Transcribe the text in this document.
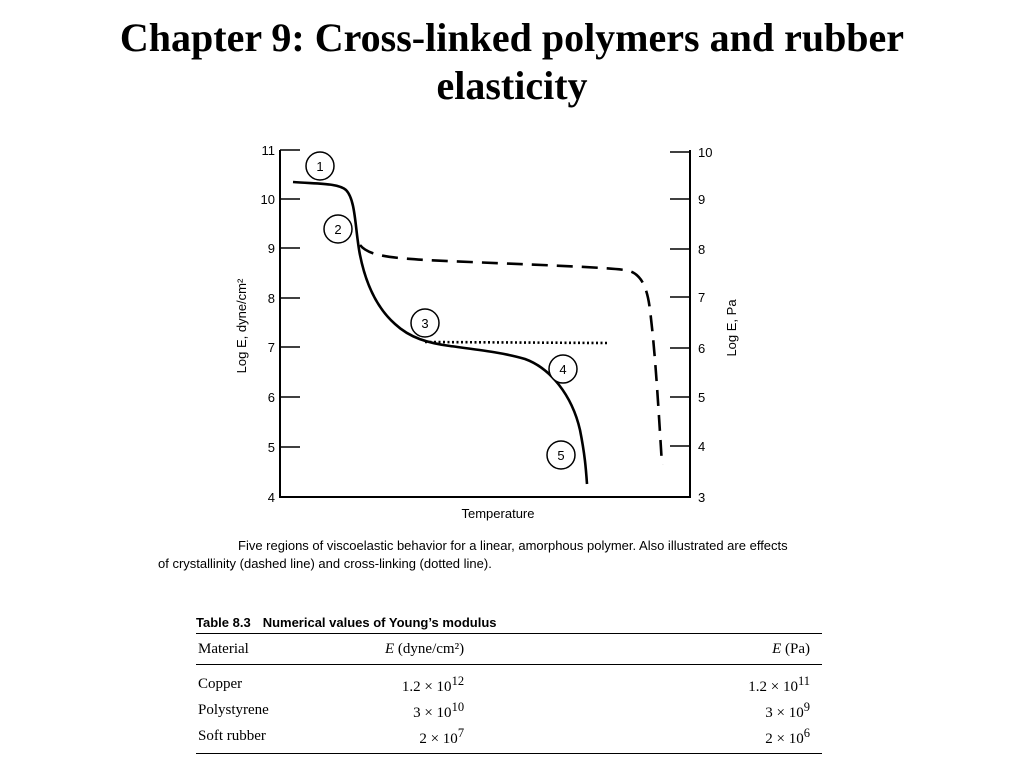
Chapter 9: Cross-linked polymers and rubber
elasticity
11
10
9
8
7
6
5
4
10
9
8
7
6
5
4
3
Log E, dyne/cm²	Log E, Pa
Temperature
1
2
3
4
5
Five regions of viscoelastic behavior for a linear, amorphous polymer. Also illustrated are effects
of crystallinity (dashed line) and cross-linking (dotted line).
Table 8.3 Numerical values of Young’s modulus
Material	E (dyne/cm²)	E (Pa)
Copper	$1.2 \times 10^{12}$	$1.2 \times 10^{11}$
Polystyrene	$3 \times 10^{10}$	$3 \times 10^9$
Soft rubber	$2 \times 10^7$	$2 \times 10^6$
